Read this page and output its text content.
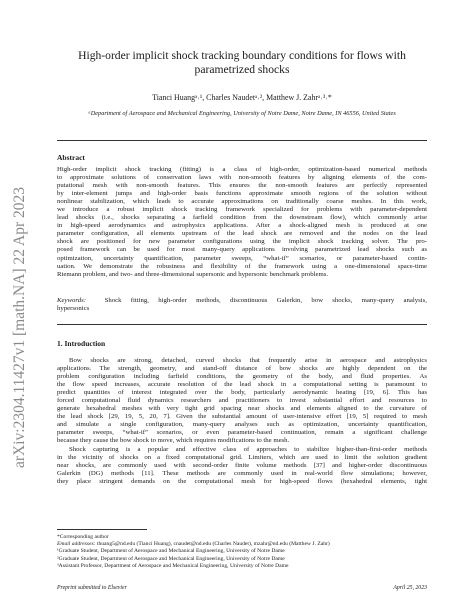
arXiv:2304.11427v1 [math.NA] 22 Apr 2023
High-order implicit shock tracking boundary conditions for flows with
parametrized shocks
Tianci Huangᵃ˒¹, Charles Naudetᵃ˒², Matthew J. Zahrᵃ˒³˒*
ᵃDepartment of Aerospace and Mechanical Engineering, University of Notre Dame, Notre Dame, IN 46556, United States
Abstract
High-order implicit shock tracking (fitting) is a class of high-order, optimization-based numerical methods
to approximate solutions of conservation laws with non-smooth features by aligning elements of the com-
putational mesh with non-smooth features. This ensures the non-smooth features are perfectly represented
by inter-element jumps and high-order basis functions approximate smooth regions of the solution without
nonlinear stabilization, which leads to accurate approximations on traditionally coarse meshes. In this work,
we introduce a robust implicit shock tracking framework specialized for problems with parameter-dependent
lead shocks (i.e., shocks separating a farfield condition from the downstream flow), which commonly arise
in high-speed aerodynamics and astrophysics applications. After a shock-aligned mesh is produced at one
parameter configuration, all elements upstream of the lead shock are removed and the nodes on the lead
shock are positioned for new parameter configurations using the implicit shock tracking solver. The pro-
posed framework can be used for most many-query applications involving parametrized lead shocks such as
optimization, uncertainty quantification, parameter sweeps, “what-if” scenarios, or parameter-based contin-
uation. We demonstrate the robustness and flexibility of the framework using a one-dimensional space-time
Riemann problem, and two- and three-dimensional supersonic and hypersonic benchmark problems.
Keywords:	Shock fitting, high-order methods, discontinuous Galerkin, bow shocks, many-query analysis,
hypersonics
1. Introduction
Bow shocks are strong, detached, curved shocks that frequently arise in aerospace and astrophysics
applications. The strength, geometry, and stand-off distance of bow shocks are highly dependent on the
problem configuration including farfield conditions, the geometry of the body, and fluid properties. As
the flow speed increases, accurate resolution of the lead shock in a computational setting is paramount to
predict quantities of interest integrated over the body, particularly aerodynamic heating [19, 6]. This has
forced computational fluid dynamics researchers and practitioners to invest substantial effort and resources to
generate hexahedral meshes with very tight grid spacing near shocks and elements aligned to the curvature of
the lead shock [29, 19, 5, 20, 7]. Given the substantial amount of user-intensive effort [19, 5] required to mesh
and simulate a single configuration, many-query analyses such as optimization, uncertainty quantification,
parameter sweeps, “what-if” scenarios, or even parameter-based continuation, remain a significant challenge
because they cause the bow shock to move, which requires modifications to the mesh.
Shock capturing is a popular and effective class of approaches to stabilize higher-than-first-order methods
in the vicinity of shocks on a fixed computational grid. Limiters, which are used to limit the solution gradient
near shocks, are commonly used with second-order finite volume methods [37] and higher-order discontinuous
Galerkin (DG) methods [11]. These methods are commonly used in real-world flow simulations; however,
they place stringent demands on the computational mesh for high-speed flows (hexahedral elements, tight
*Corresponding author
Email addresses: thuang5@nd.edu (Tianci Huang), cnaudet@nd.edu (Charles Naudet), mzahr@nd.edu (Matthew J. Zahr)
¹Graduate Student, Department of Aerospace and Mechanical Engineering, University of Notre Dame
²Graduate Student, Department of Aerospace and Mechanical Engineering, University of Notre Dame
³Assistant Professor, Department of Aerospace and Mechanical Engineering, University of Notre Dame
Preprint submitted to Elsevier	April 25, 2023
